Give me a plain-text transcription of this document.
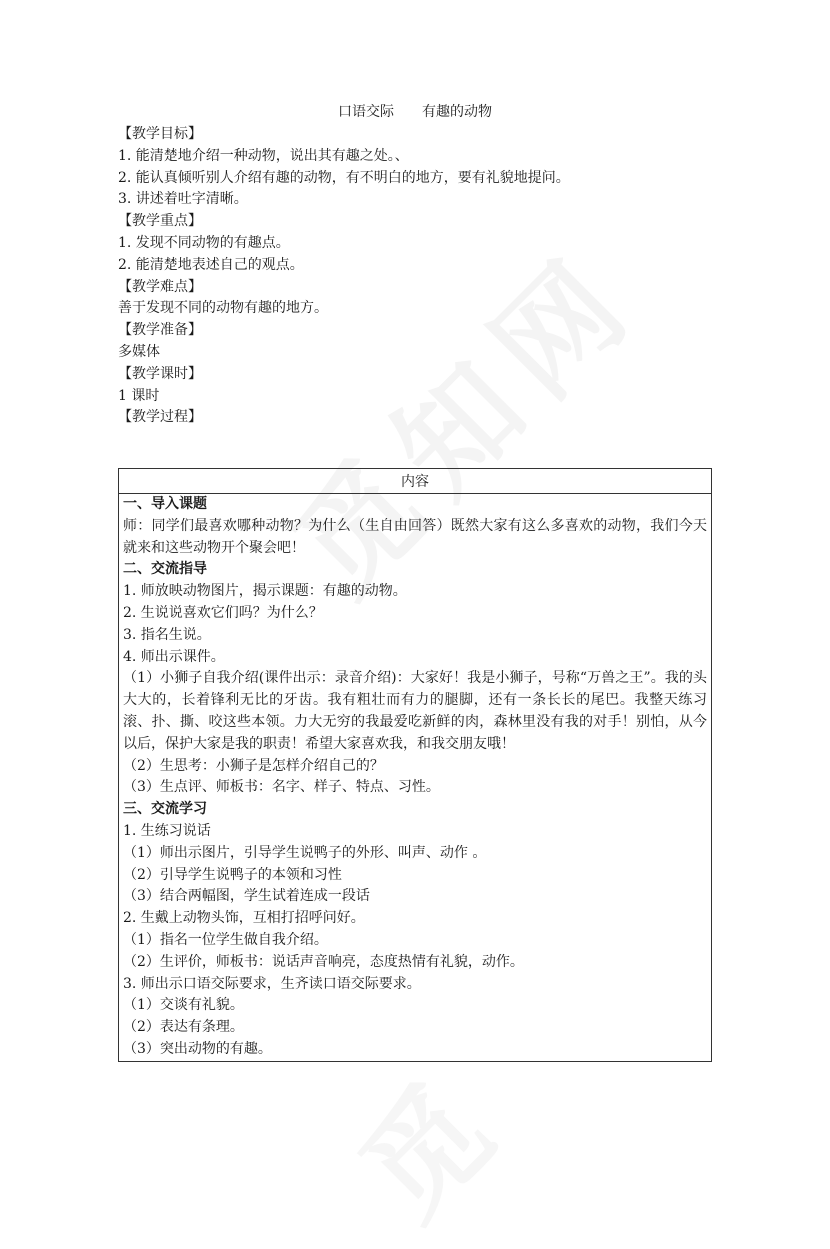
口语交际 有趣的动物
【教学目标】
1. 能清楚地介绍一种动物，说出其有趣之处。、
2. 能认真倾听别人介绍有趣的动物，有不明白的地方，要有礼貌地提问。
3. 讲述着吐字清晰。
【教学重点】
1. 发现不同动物的有趣点。
2. 能清楚地表述自己的观点。
【教学难点】
善于发现不同的动物有趣的地方。
【教学准备】
多媒体
【教学课时】
1 课时
【教学过程】
内容

一、导入课题
师：同学们最喜欢哪种动物？为什么（生自由回答）既然大家有这么多喜欢的动物，我们今天就来和这些动物开个聚会吧！
二、交流指导
1. 师放映动物图片，揭示课题：有趣的动物。
2. 生说说喜欢它们吗？为什么？
3. 指名生说。
4. 师出示课件。
（1）小狮子自我介绍(课件出示：录音介绍)：大家好！我是小狮子，号称“万兽之王”。我的头大大的，长着锋利无比的牙齿。我有粗壮而有力的腿脚，还有一条长长的尾巴。我整天练习滚、扑、撕、咬这些本领。力大无穷的我最爱吃新鲜的肉，森林里没有我的对手！别怕，从今以后，保护大家是我的职责！希望大家喜欢我，和我交朋友哦！
（2）生思考：小狮子是怎样介绍自己的？
（3）生点评、师板书：名字、样子、特点、习性。
三、交流学习
1. 生练习说话
（1）师出示图片，引导学生说鸭子的外形、叫声、动作 。
（2）引导学生说鸭子的本领和习性
（3）结合两幅图，学生试着连成一段话
2. 生戴上动物头饰，互相打招呼问好。
（1）指名一位学生做自我介绍。
（2）生评价，师板书：说话声音响亮，态度热情有礼貌，动作。
3. 师出示口语交际要求，生齐读口语交际要求。
（1）交谈有礼貌。
（2）表达有条理。
（3）突出动物的有趣。
